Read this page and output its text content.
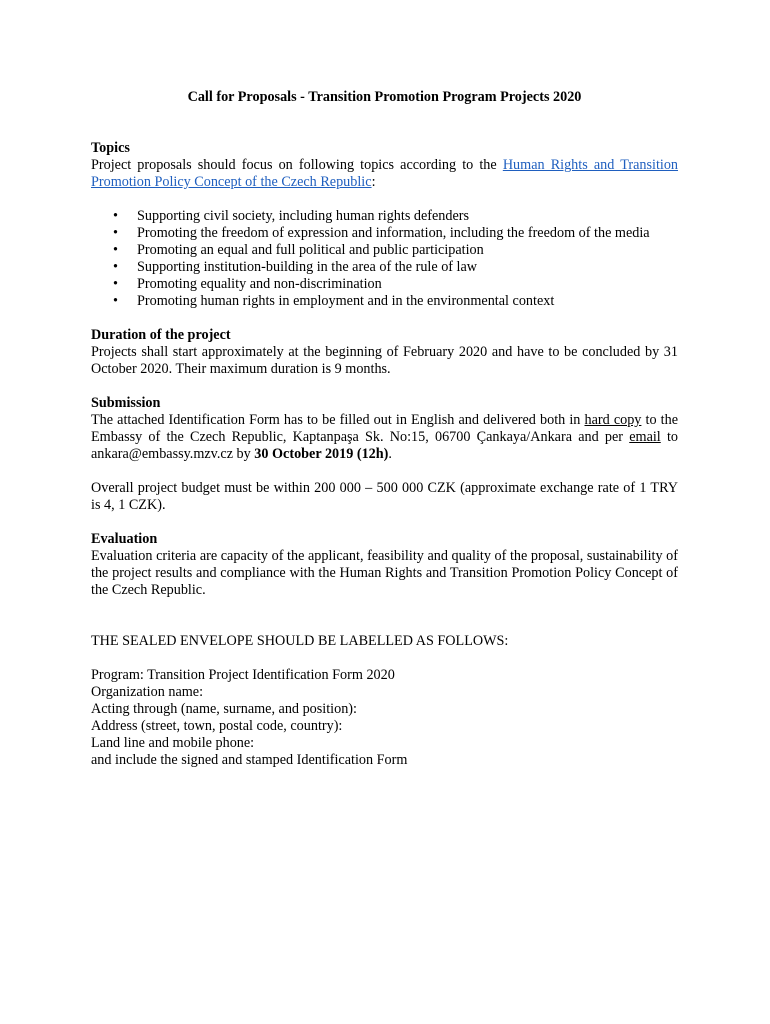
Call for Proposals - Transition Promotion Program Projects 2020

Topics

Project proposals should focus on following topics according to the Human Rights and Transition Promotion Policy Concept of the Czech Republic:

• Supporting civil society, including human rights defenders
• Promoting the freedom of expression and information, including the freedom of the media
• Promoting an equal and full political and public participation
• Supporting institution-building in the area of the rule of law
• Promoting equality and non-discrimination
• Promoting human rights in employment and in the environmental context

Duration of the project

Projects shall start approximately at the beginning of February 2020 and have to be concluded by 31 October 2020. Their maximum duration is 9 months.

Submission

The attached Identification Form has to be filled out in English and delivered both in hard copy to the Embassy of the Czech Republic, Kaptanpaşa Sk. No:15, 06700 Çankaya/Ankara and per email to ankara@embassy.mzv.cz by 30 October 2019 (12h).

Overall project budget must be within 200 000 – 500 000 CZK (approximate exchange rate of 1 TRY is 4, 1 CZK).

Evaluation

Evaluation criteria are capacity of the applicant, feasibility and quality of the proposal, sustainability of the project results and compliance with the Human Rights and Transition Promotion Policy Concept of the Czech Republic.

THE SEALED ENVELOPE SHOULD BE LABELLED AS FOLLOWS:

Program: Transition Project Identification Form 2020

Organization name:

Acting through (name, surname, and position):

Address (street, town, postal code, country):

Land line and mobile phone:

and include the signed and stamped Identification Form
